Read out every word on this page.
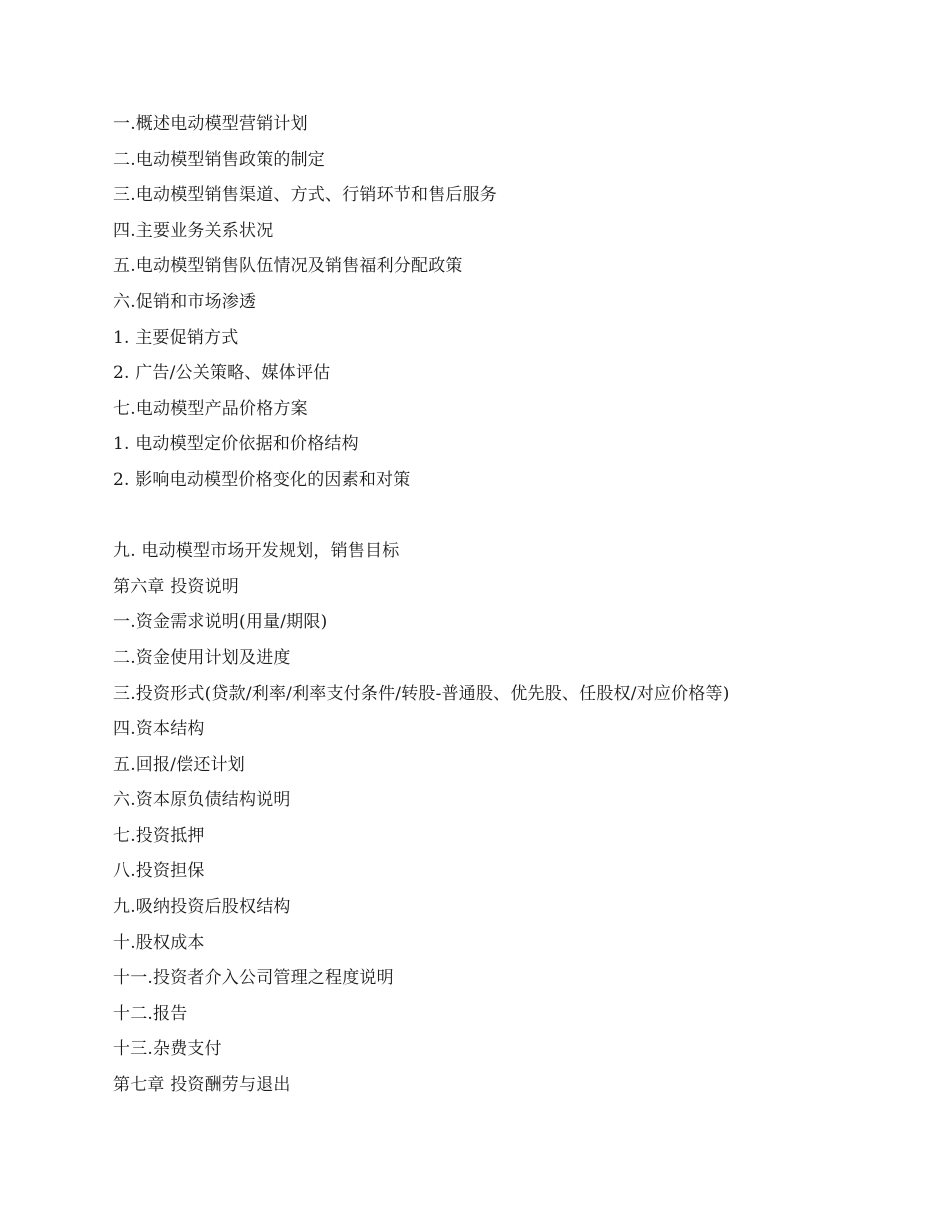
一.概述电动模型营销计划
二.电动模型销售政策的制定
三.电动模型销售渠道、方式、行销环节和售后服务
四.主要业务关系状况
五.电动模型销售队伍情况及销售福利分配政策
六.促销和市场渗透
1. 主要促销方式
2. 广告/公关策略、媒体评估
七.电动模型产品价格方案
1. 电动模型定价依据和价格结构
2. 影响电动模型价格变化的因素和对策
九. 电动模型市场开发规划，销售目标
第六章 投资说明
一.资金需求说明(用量/期限)
二.资金使用计划及进度
三.投资形式(贷款/利率/利率支付条件/转股-普通股、优先股、任股权/对应价格等)
四.资本结构
五.回报/偿还计划
六.资本原负债结构说明
七.投资抵押
八.投资担保
九.吸纳投资后股权结构
十.股权成本
十一.投资者介入公司管理之程度说明
十二.报告
十三.杂费支付
第七章 投资酬劳与退出
